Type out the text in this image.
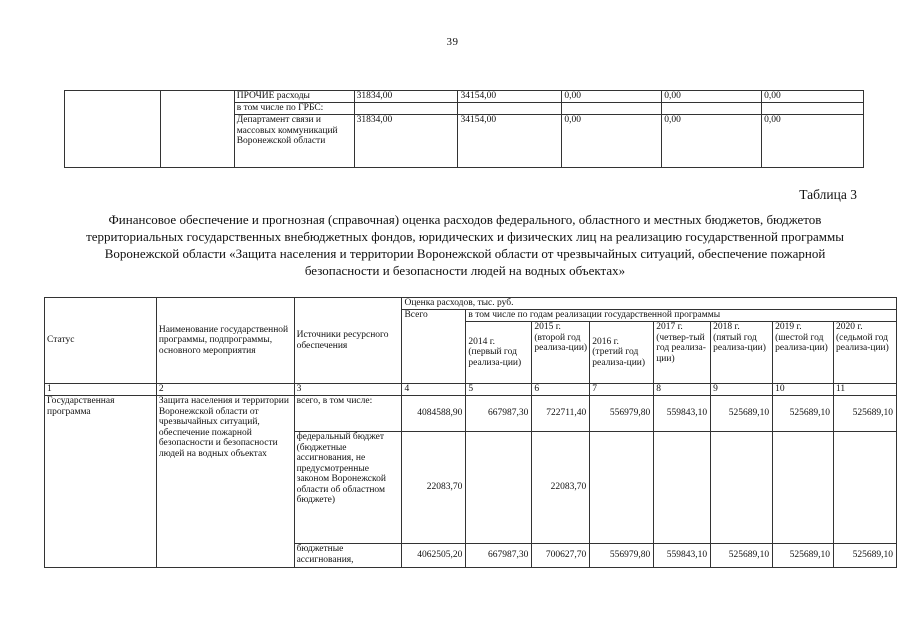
39
		ПРОЧИЕ расходы	31834,00	34154,00	0,00	0,00	0,00
		в том числе по ГРБС:					
		Департамент связи и массовых коммуникаций Воронежской области	31834,00	34154,00	0,00	0,00	0,00
Таблица 3
Финансовое обеспечение и прогнозная (справочная) оценка расходов федерального, областного и местных бюджетов, бюджетов территориальных государственных внебюджетных фондов, юридических и физических лиц на реализацию государственной программы Воронежской области «Защита населения и территории Воронежской области от чрезвычайных ситуаций, обеспечение пожарной безопасности и безопасности людей на водных объектах»
Статус	Наименование государственной программы, подпрограммы, основного мероприятия	Источники ресурсного обеспечения	Оценка расходов, тыс. руб.							
			Всего	в том числе по годам реализации государственной программы						
				2014 г. (первый год реализа-ции)	2015 г. (второй год реализа-ции)	2016 г. (третий год реализа-ции)	2017 г. (четвер-тый год реализа-ции)	2018 г. (пятый год реализа-ции)	2019 г. (шестой год реализа-ции)	2020 г. (седьмой год реализа-ции)
1	2	3	4	5	6	7	8	9	10	11
Государственная программа	Защита населения и территории Воронежской области от чрезвычайных ситуаций, обеспечение пожарной безопасности и безопасности людей на водных объектах	всего, в том числе:	4084588,90	667987,30	722711,40	556979,80	559843,10	525689,10	525689,10	525689,10
		федеральный бюджет (бюджетные ассигнования, не предусмотренные законом Воронежской области об областном бюджете)	22083,70		22083,70					
		бюджетные ассигнования,	4062505,20	667987,30	700627,70	556979,80	559843,10	525689,10	525689,10	525689,10
